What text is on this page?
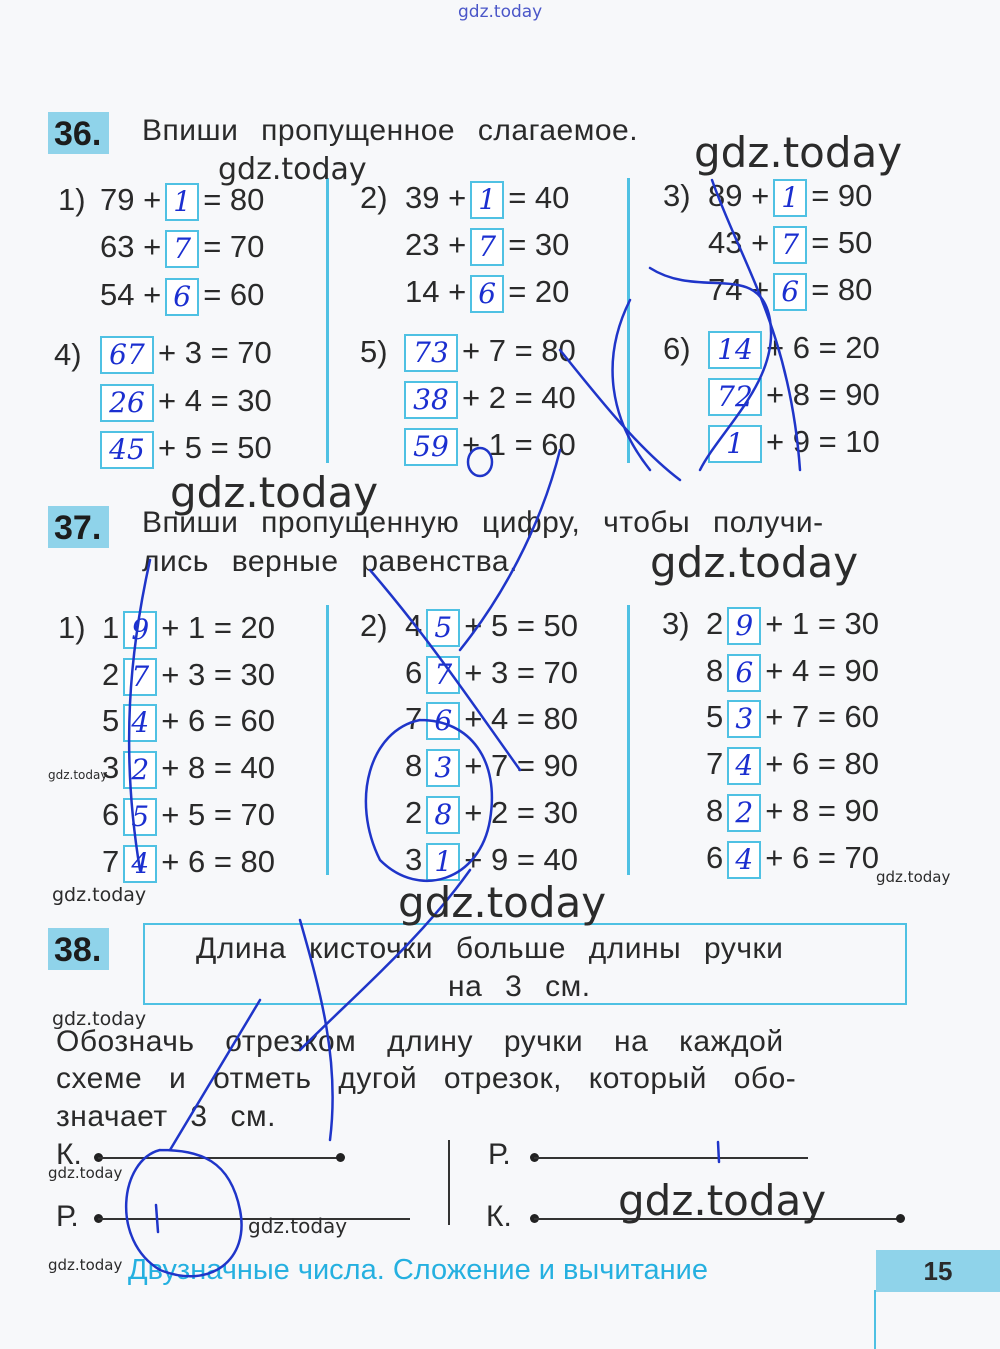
gdz.today
36. Впиши пропущенное слагаемое.
1) 79 + 1 = 80
63 + 7 = 70
54 + 6 = 60
2) 39 + 1 = 40
23 + 7 = 30
14 + 6 = 20
3) 89 + 1 = 90
43 + 7 = 50
74 + 6 = 80
4) 67 + 3 = 70
26 + 4 = 30
45 + 5 = 50
5) 73 + 7 = 80
38 + 2 = 40
59 + 1 = 60
6) 14 + 6 = 20
72 + 8 = 90
1 + 9 = 10
37. Впиши пропущенную цифру, чтобы получи-
лись верные равенства.
1) 1 9 + 1 = 20
2 7 + 3 = 30
5 4 + 6 = 60
3 2 + 8 = 40
6 5 + 5 = 70
7 4 + 6 = 80
2) 4 5 + 5 = 50
6 7 + 3 = 70
7 6 + 4 = 80
8 3 + 7 = 90
2 8 + 2 = 30
3 1 + 9 = 40
3) 2 9 + 1 = 30
8 6 + 4 = 90
5 3 + 7 = 60
7 4 + 6 = 80
8 2 + 8 = 90
6 4 + 6 = 70
38.	Длина кисточки больше длины ручки
на 3 см.
Обозначь отрезком длину ручки на каждой
схеме и отметь дугой отрезок, который обо-
значает 3 см.
К.
Р.
Р.
К.
Двузначные числа. Сложение и вычитание	15
gdz.today	gdz.today
gdz.today
gdz.today
gdz.today
gdz.today
gdz.today
gdz.today
gdz.today
gdz.today
gdz.today
gdz.today
gdz.today
